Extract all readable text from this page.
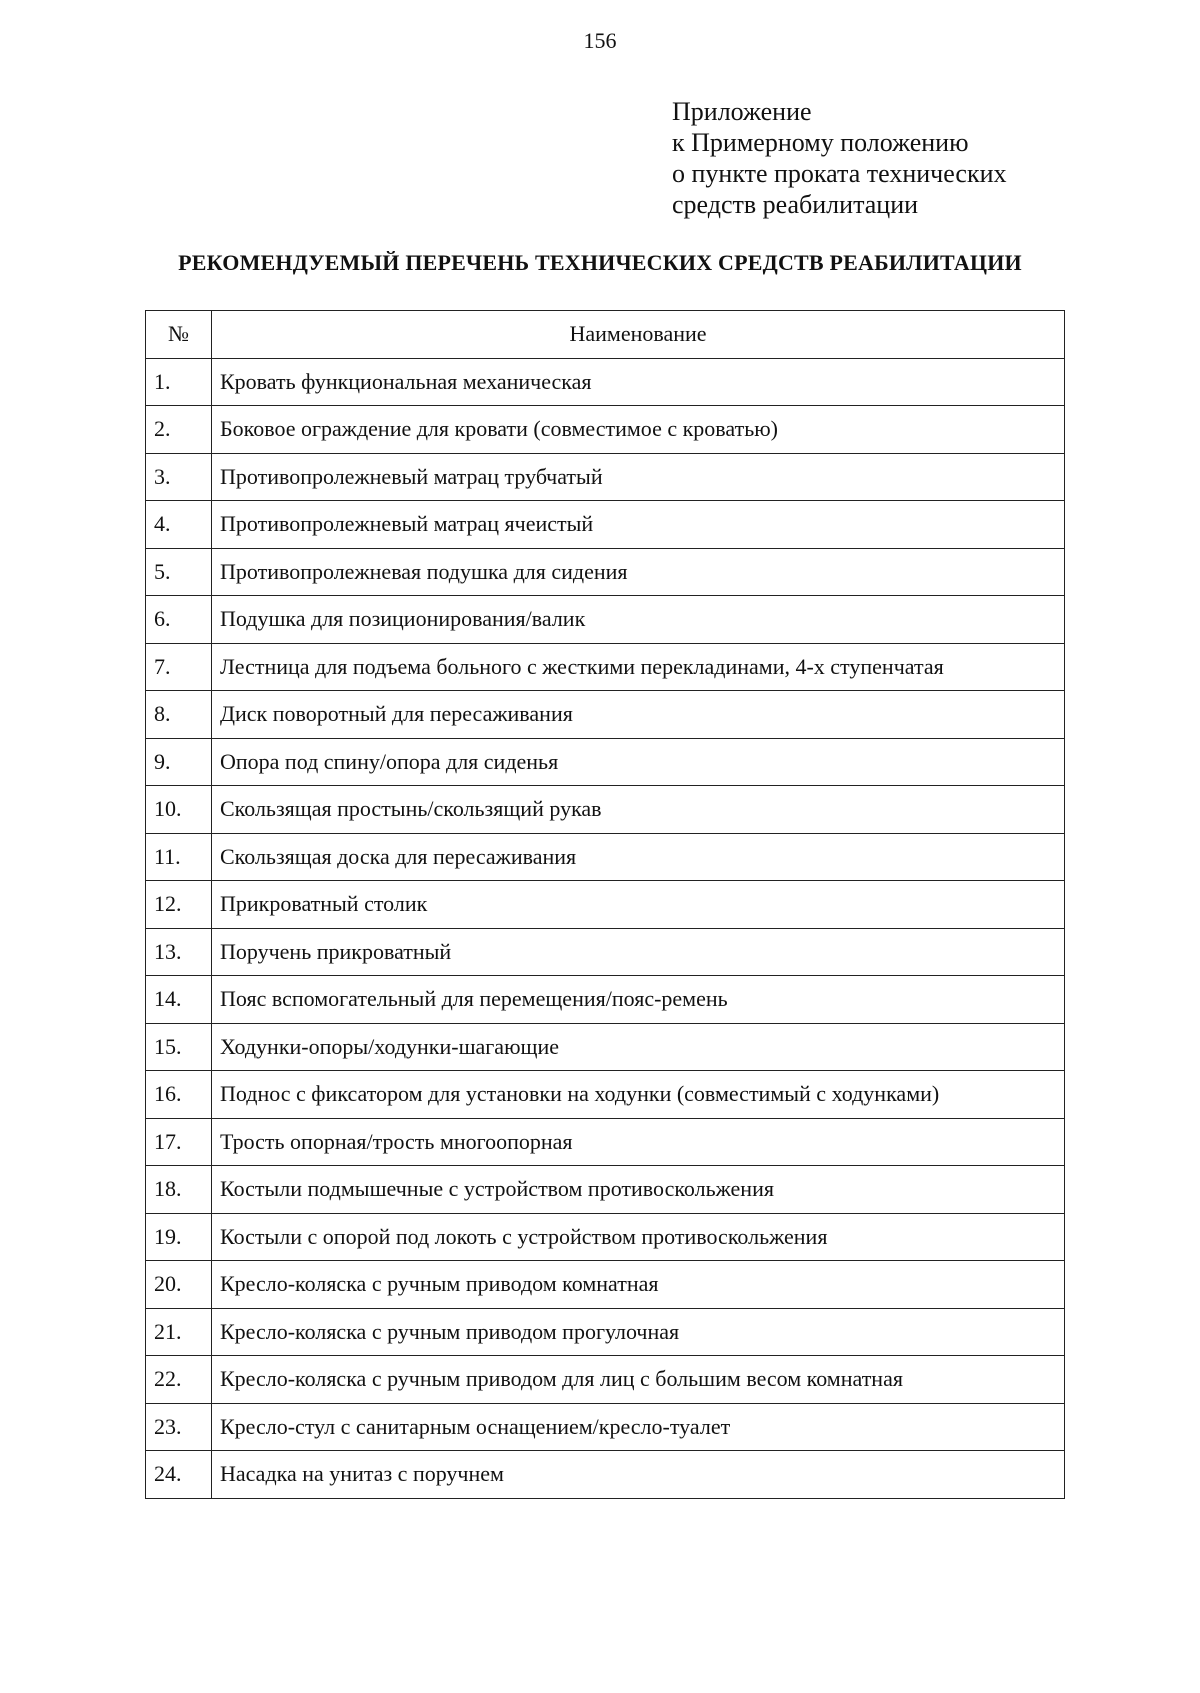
156
Приложение
к Примерному положению
о пункте проката технических
средств реабилитации
РЕКОМЕНДУЕМЫЙ ПЕРЕЧЕНЬ ТЕХНИЧЕСКИХ СРЕДСТВ РЕАБИЛИТАЦИИ
№	Наименование
1.	Кровать функциональная механическая
2.	Боковое ограждение для кровати (совместимое с кроватью)
3.	Противопролежневый матрац трубчатый
4.	Противопролежневый матрац ячеистый
5.	Противопролежневая подушка для сидения
6.	Подушка для позиционирования/валик
7.	Лестница для подъема больного с жесткими перекладинами, 4-х ступенчатая
8.	Диск поворотный для пересаживания
9.	Опора под спину/опора для сиденья
10.	Скользящая простынь/скользящий рукав
11.	Скользящая доска для пересаживания
12.	Прикроватный столик
13.	Поручень прикроватный
14.	Пояс вспомогательный для перемещения/пояс-ремень
15.	Ходунки-опоры/ходунки-шагающие
16.	Поднос с фиксатором для установки на ходунки (совместимый с ходунками)
17.	Трость опорная/трость многоопорная
18.	Костыли подмышечные с устройством противоскольжения
19.	Костыли с опорой под локоть с устройством противоскольжения
20.	Кресло-коляска с ручным приводом комнатная
21.	Кресло-коляска с ручным приводом прогулочная
22.	Кресло-коляска с ручным приводом для лиц с большим весом комнатная
23.	Кресло-стул с санитарным оснащением/кресло-туалет
24.	Насадка на унитаз с поручнем
